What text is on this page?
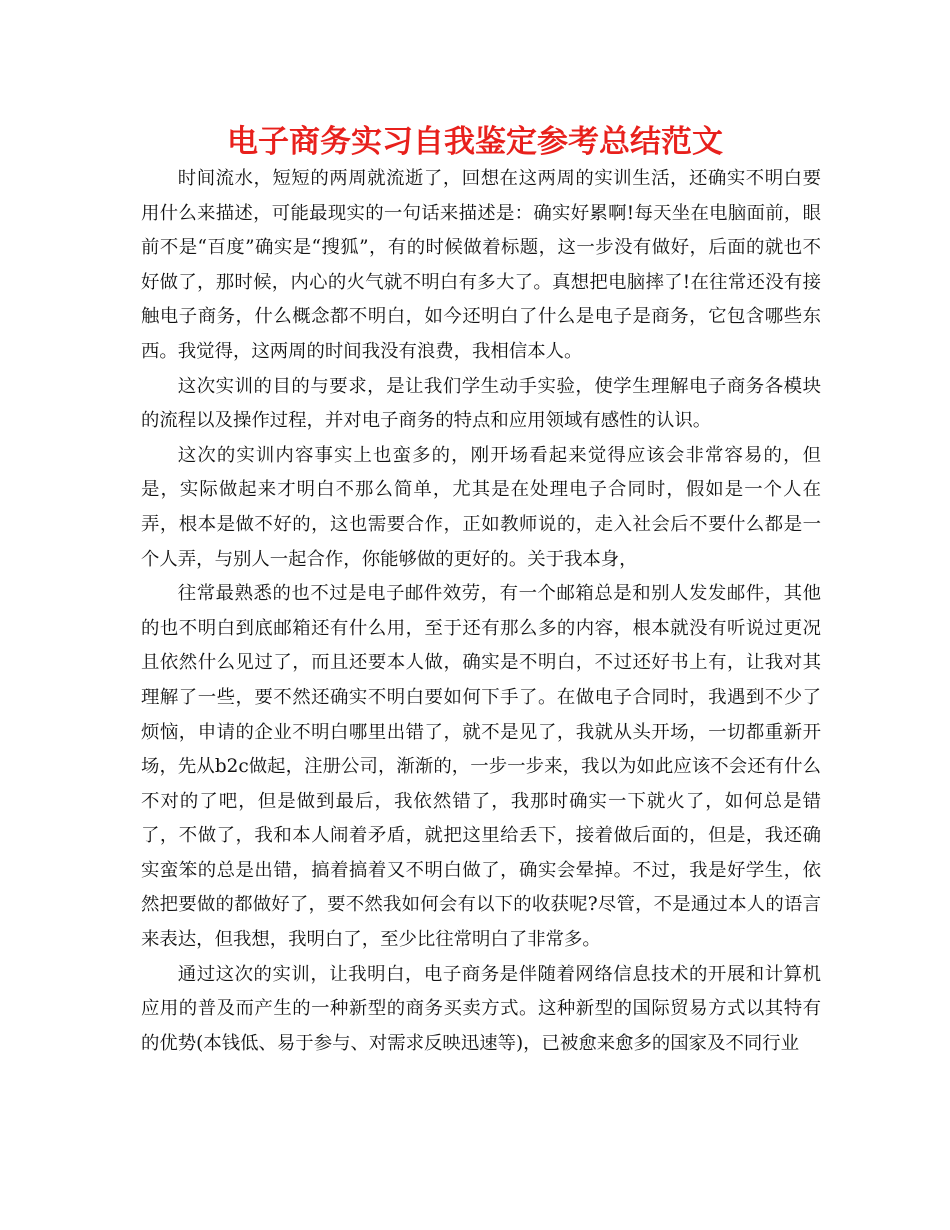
电子商务实习自我鉴定参考总结范文

时间流水，短短的两周就流逝了，回想在这两周的实训生活，还确实不明白要用什么来描述，可能最现实的一句话来描述是：确实好累啊!每天坐在电脑面前，眼前不是“百度”确实是“搜狐”，有的时候做着标题，这一步没有做好，后面的就也不好做了，那时候，内心的火气就不明白有多大了。真想把电脑摔了!在往常还没有接触电子商务，什么概念都不明白，如今还明白了什么是电子是商务，它包含哪些东西。我觉得，这两周的时间我没有浪费，我相信本人。

这次实训的目的与要求，是让我们学生动手实验，使学生理解电子商务各模块的流程以及操作过程，并对电子商务的特点和应用领域有感性的认识。

这次的实训内容事实上也蛮多的，刚开场看起来觉得应该会非常容易的，但是，实际做起来才明白不那么简单，尤其是在处理电子合同时，假如是一个人在弄，根本是做不好的，这也需要合作，正如教师说的，走入社会后不要什么都是一个人弄，与别人一起合作，你能够做的更好的。关于我本身，

往常最熟悉的也不过是电子邮件效劳，有一个邮箱总是和别人发发邮件，其他的也不明白到底邮箱还有什么用，至于还有那么多的内容，根本就没有听说过更况且依然什么见过了，而且还要本人做，确实是不明白，不过还好书上有，让我对其理解了一些，要不然还确实不明白要如何下手了。在做电子合同时，我遇到不少了烦恼，申请的企业不明白哪里出错了，就不是见了，我就从头开场，一切都重新开场，先从b2c做起，注册公司，渐渐的，一步一步来，我以为如此应该不会还有什么不对的了吧，但是做到最后，我依然错了，我那时确实一下就火了，如何总是错了，不做了，我和本人闹着矛盾，就把这里给丢下，接着做后面的，但是，我还确实蛮笨的总是出错，搞着搞着又不明白做了，确实会晕掉。不过，我是好学生，依然把要做的都做好了，要不然我如何会有以下的收获呢?尽管，不是通过本人的语言来表达，但我想，我明白了，至少比往常明白了非常多。

通过这次的实训，让我明白，电子商务是伴随着网络信息技术的开展和计算机应用的普及而产生的一种新型的商务买卖方式。这种新型的国际贸易方式以其特有的优势(本钱低、易于参与、对需求反映迅速等)，已被愈来愈多的国家及不同行业
